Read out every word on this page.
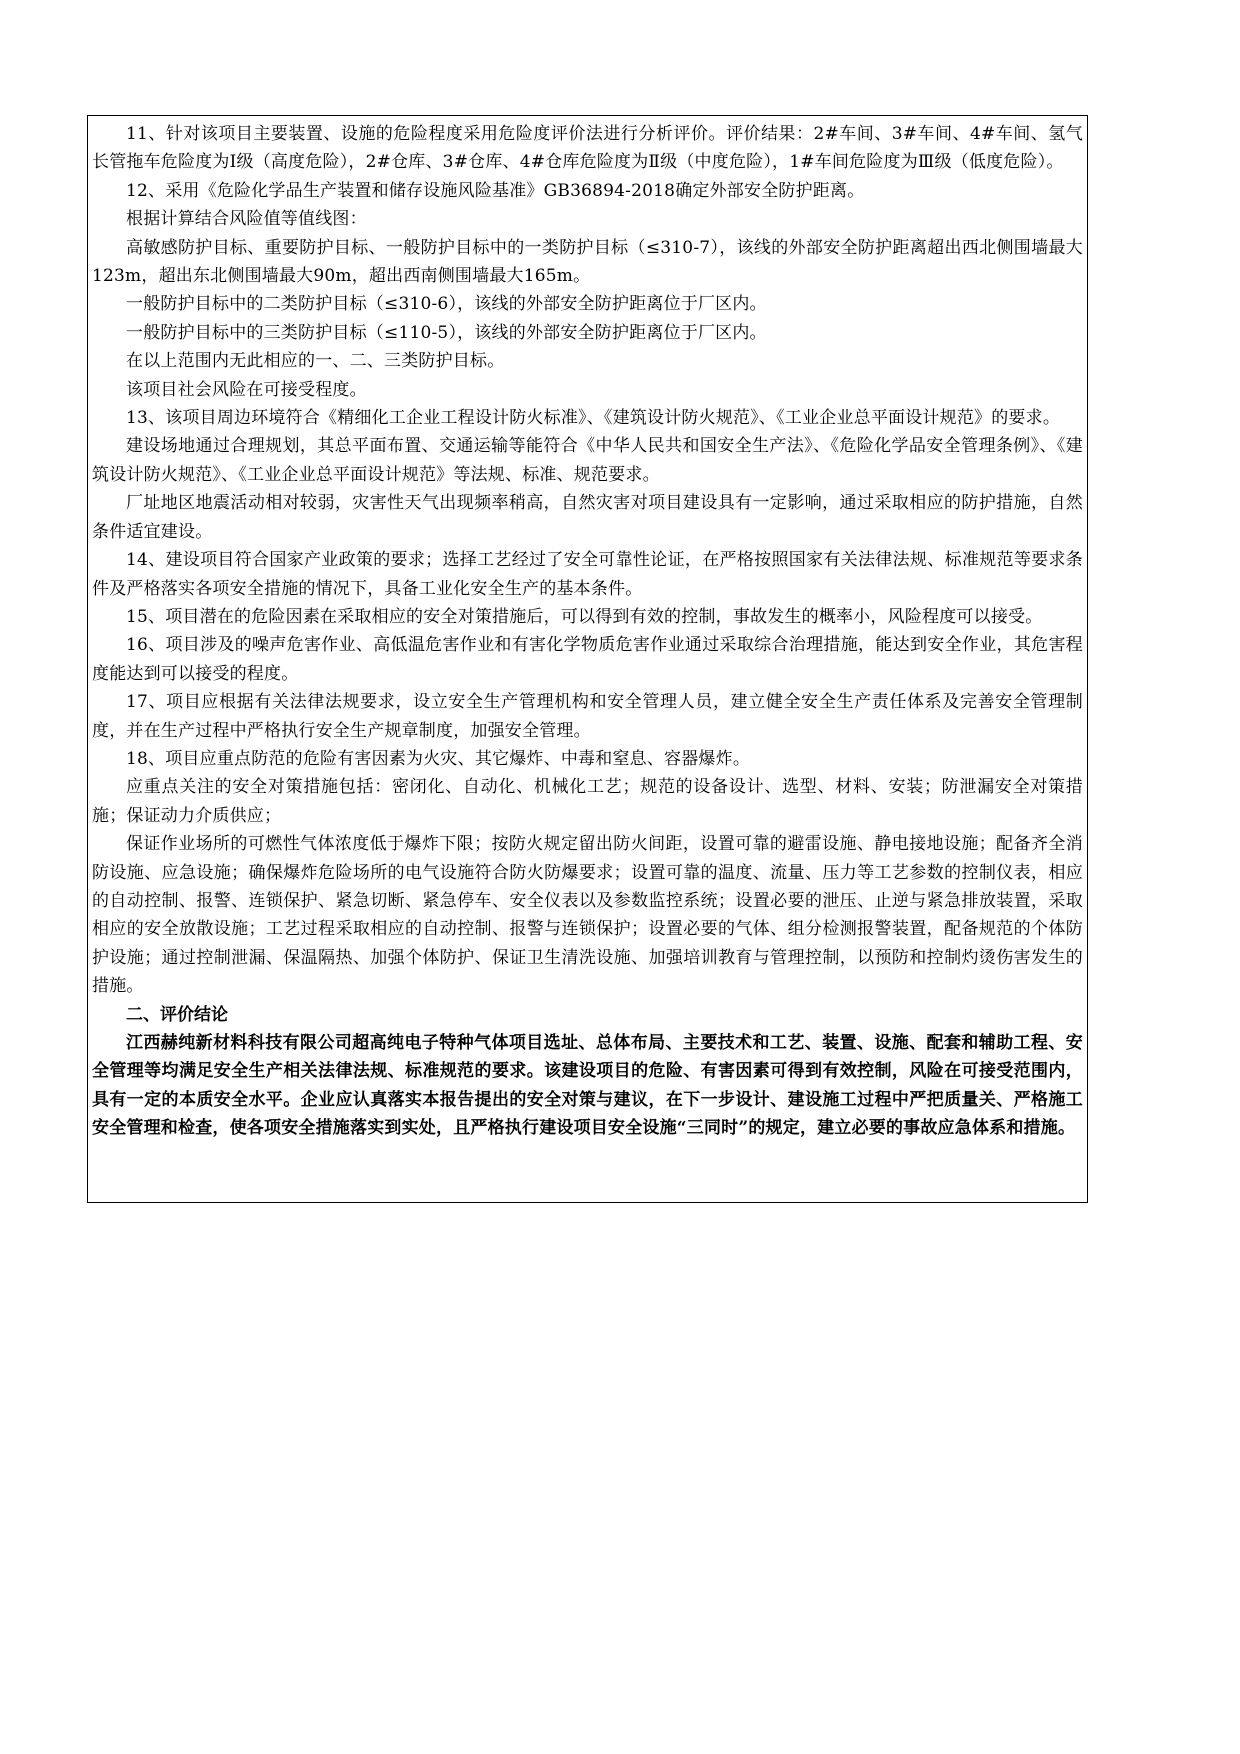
11、针对该项目主要装置、设施的危险程度采用危险度评价法进行分析评价。评价结果：2#车间、3#车间、4#车间、氢气长管拖车危险度为Ⅰ级（高度危险），2#仓库、3#仓库、4#仓库危险度为Ⅱ级（中度危险），1#车间危险度为Ⅲ级（低度危险）。

12、采用《危险化学品生产装置和储存设施风险基准》GB36894-2018确定外部安全防护距离。

根据计算结合风险值等值线图：

高敏感防护目标、重要防护目标、一般防护目标中的一类防护目标（≤310-7），该线的外部安全防护距离超出西北侧围墙最大123m，超出东北侧围墙最大90m，超出西南侧围墙最大165m。

一般防护目标中的二类防护目标（≤310-6），该线的外部安全防护距离位于厂区内。

一般防护目标中的三类防护目标（≤110-5），该线的外部安全防护距离位于厂区内。

在以上范围内无此相应的一、二、三类防护目标。

该项目社会风险在可接受程度。

13、该项目周边环境符合《精细化工企业工程设计防火标准》、《建筑设计防火规范》、《工业企业总平面设计规范》的要求。

建设场地通过合理规划，其总平面布置、交通运输等能符合《中华人民共和国安全生产法》、《危险化学品安全管理条例》、《建筑设计防火规范》、《工业企业总平面设计规范》等法规、标准、规范要求。

厂址地区地震活动相对较弱，灾害性天气出现频率稍高，自然灾害对项目建设具有一定影响，通过采取相应的防护措施，自然条件适宜建设。

14、建设项目符合国家产业政策的要求；选择工艺经过了安全可靠性论证，在严格按照国家有关法律法规、标准规范等要求条件及严格落实各项安全措施的情况下，具备工业化安全生产的基本条件。

15、项目潜在的危险因素在采取相应的安全对策措施后，可以得到有效的控制，事故发生的概率小，风险程度可以接受。

16、项目涉及的噪声危害作业、高低温危害作业和有害化学物质危害作业通过采取综合治理措施，能达到安全作业，其危害程度能达到可以接受的程度。

17、项目应根据有关法律法规要求，设立安全生产管理机构和安全管理人员，建立健全安全生产责任体系及完善安全管理制度，并在生产过程中严格执行安全生产规章制度，加强安全管理。

18、项目应重点防范的危险有害因素为火灾、其它爆炸、中毒和窒息、容器爆炸。

应重点关注的安全对策措施包括：密闭化、自动化、机械化工艺；规范的设备设计、选型、材料、安装；防泄漏安全对策措施；保证动力介质供应；

保证作业场所的可燃性气体浓度低于爆炸下限；按防火规定留出防火间距，设置可靠的避雷设施、静电接地设施；配备齐全消防设施、应急设施；确保爆炸危险场所的电气设施符合防火防爆要求；设置可靠的温度、流量、压力等工艺参数的控制仪表，相应的自动控制、报警、连锁保护、紧急切断、紧急停车、安全仪表以及参数监控系统；设置必要的泄压、止逆与紧急排放装置，采取相应的安全放散设施；工艺过程采取相应的自动控制、报警与连锁保护；设置必要的气体、组分检测报警装置，配备规范的个体防护设施；通过控制泄漏、保温隔热、加强个体防护、保证卫生清洗设施、加强培训教育与管理控制，以预防和控制灼烫伤害发生的措施。

二、评价结论

江西赫纯新材料科技有限公司超高纯电子特种气体项目选址、总体布局、主要技术和工艺、装置、设施、配套和辅助工程、安全管理等均满足安全生产相关法律法规、标准规范的要求。该建设项目的危险、有害因素可得到有效控制，风险在可接受范围内，具有一定的本质安全水平。企业应认真落实本报告提出的安全对策与建议，在下一步设计、建设施工过程中严把质量关、严格施工安全管理和检查，使各项安全措施落实到实处，且严格执行建设项目安全设施“三同时”的规定，建立必要的事故应急体系和措施。
